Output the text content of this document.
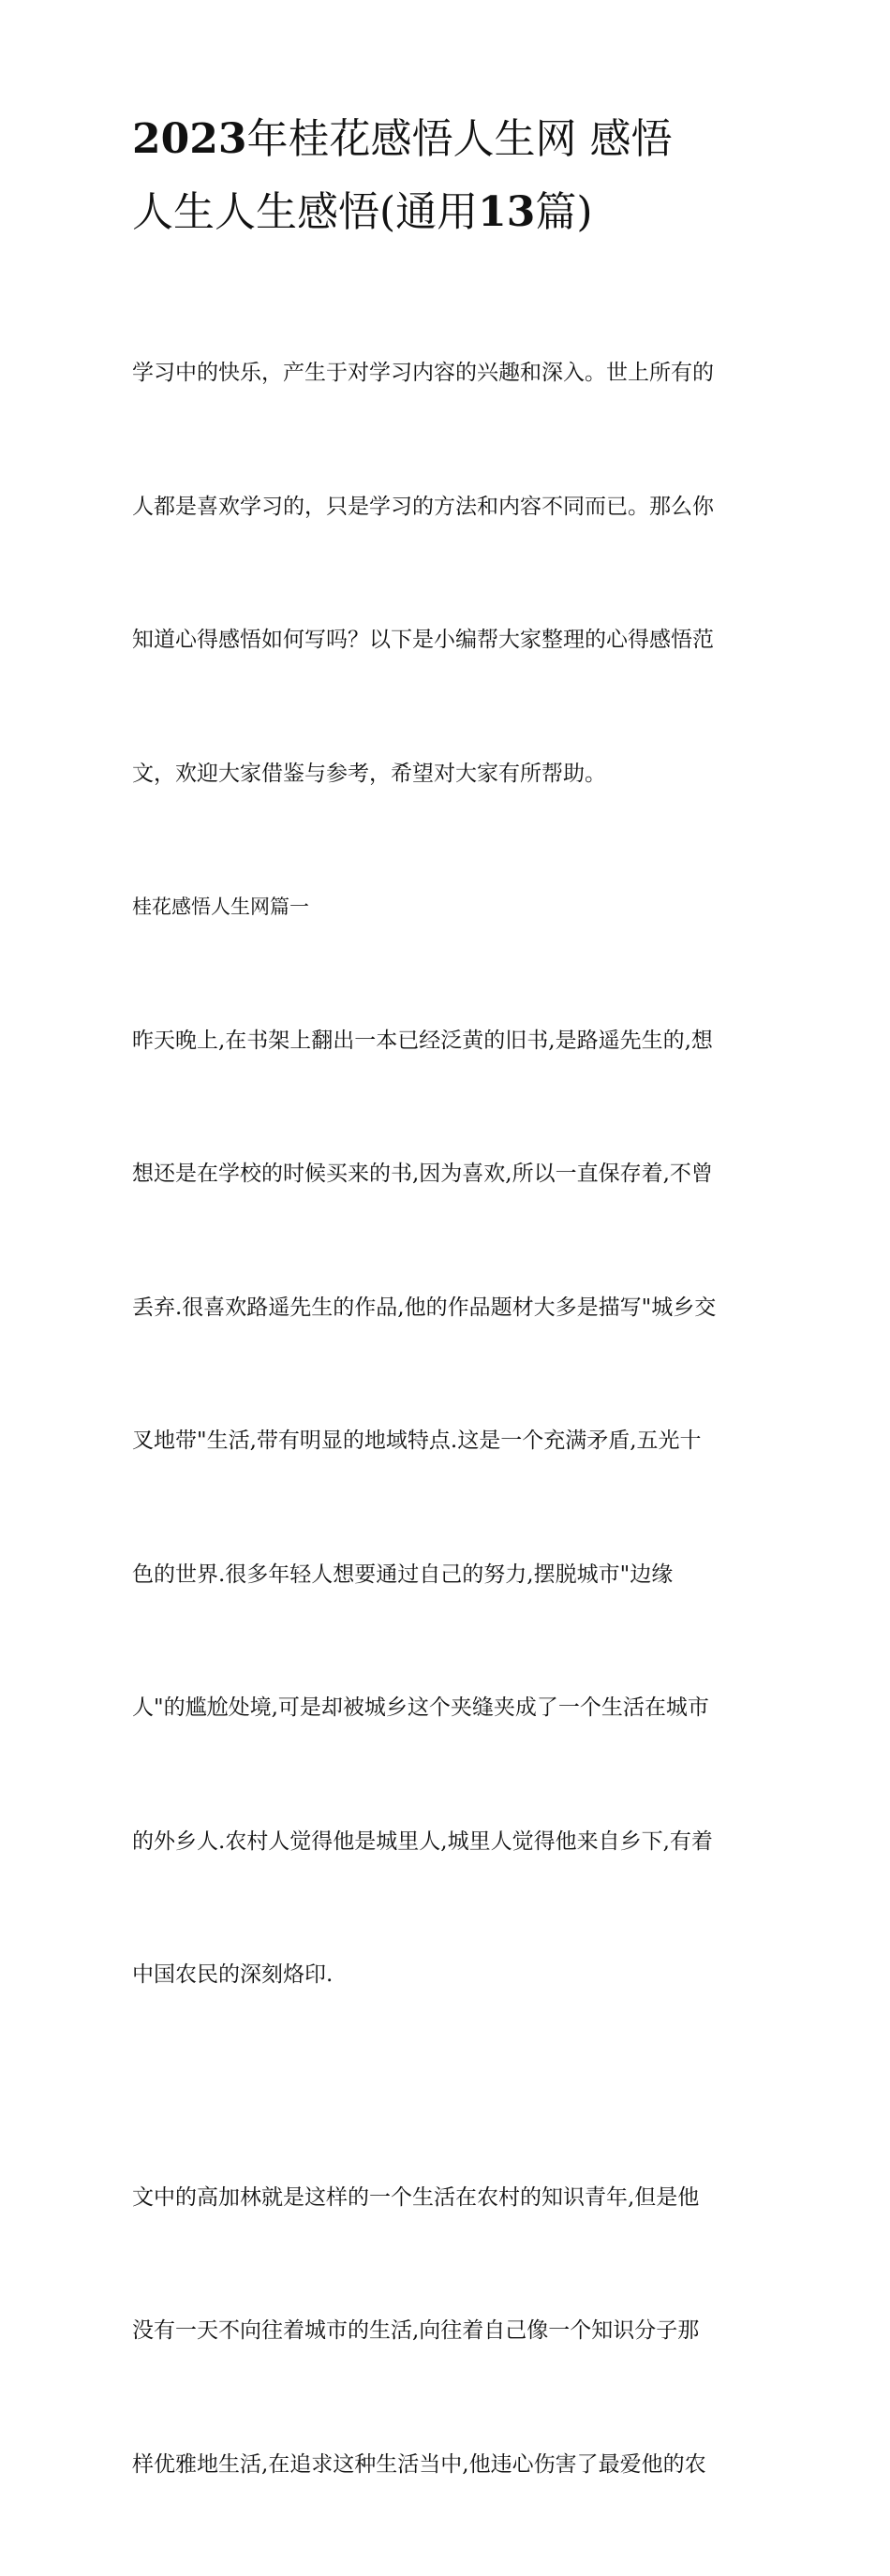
2023年桂花感悟人生网 感悟
人生人生感悟(通用13篇)

学习中的快乐，产生于对学习内容的兴趣和深入。世上所有的

人都是喜欢学习的，只是学习的方法和内容不同而已。那么你

知道心得感悟如何写吗？以下是小编帮大家整理的心得感悟范

文，欢迎大家借鉴与参考，希望对大家有所帮助。

桂花感悟人生网篇一

昨天晚上,在书架上翻出一本已经泛黄的旧书,是路遥先生的,想

想还是在学校的时候买来的书,因为喜欢,所以一直保存着,不曾

丢弃.很喜欢路遥先生的作品,他的作品题材大多是描写"城乡交

叉地带"生活,带有明显的地域特点.这是一个充满矛盾,五光十

色的世界.很多年轻人想要通过自己的努力,摆脱城市"边缘

人"的尴尬处境,可是却被城乡这个夹缝夹成了一个生活在城市

的外乡人.农村人觉得他是城里人,城里人觉得他来自乡下,有着

中国农民的深刻烙印.

文中的高加林就是这样的一个生活在农村的知识青年,但是他

没有一天不向往着城市的生活,向往着自己像一个知识分子那

样优雅地生活,在追求这种生活当中,他违心伤害了最爱他的农
